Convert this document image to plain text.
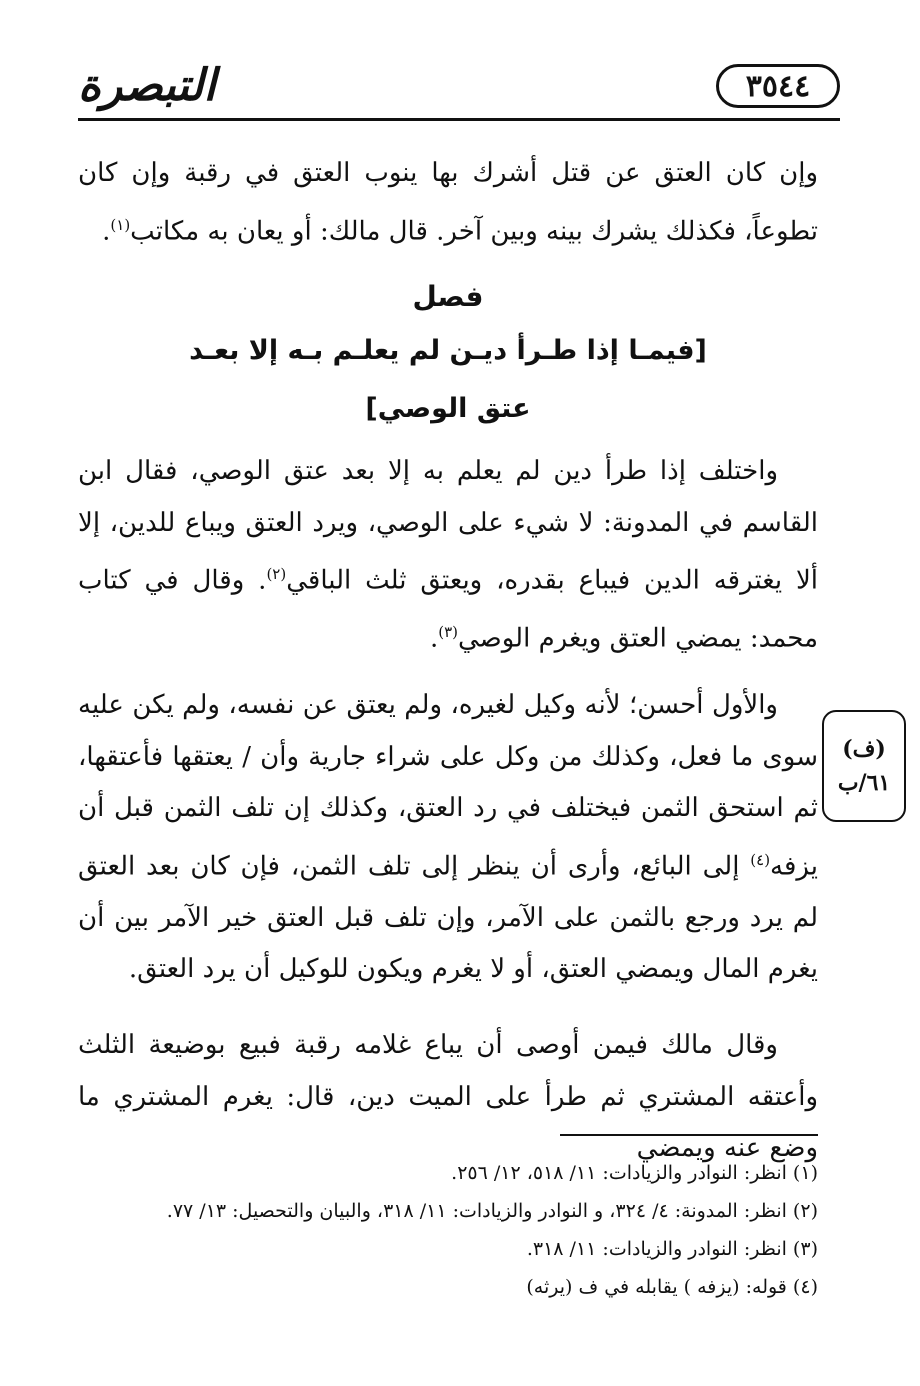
التبصرة	٣٥٤٤
وإن كان العتق عن قتل أشرك بها ينوب العتق في رقبة وإن كان تطوعاً، فكذلك يشرك بينه وبين آخر. قال مالك: أو يعان به مكاتب$^{(١)}$.
فصل
[فيمـا إذا طـرأ ديـن لم يعلـم بـه إلا بعـد
عتق الوصي]
واختلف إذا طرأ دين لم يعلم به إلا بعد عتق الوصي، فقال ابن القاسم في المدونة: لا شيء على الوصي، ويرد العتق ويباع للدين، إلا ألا يغترقه الدين فيباع بقدره، ويعتق ثلث الباقي$^{(٢)}$. وقال في كتاب محمد: يمضي العتق ويغرم الوصي$^{(٣)}$.
والأول أحسن؛ لأنه وكيل لغيره، ولم يعتق عن نفسه، ولم يكن عليه سوى ما فعل، وكذلك من وكل على شراء جارية وأن / يعتقها فأعتقها، ثم استحق الثمن فيختلف في رد العتق، وكذلك إن تلف الثمن قبل أن يزفه$^{(٤)}$ إلى البائع، وأرى أن ينظر إلى تلف الثمن، فإن كان بعد العتق لم يرد ورجع بالثمن على الآمر، وإن تلف قبل العتق خير الآمر بين أن يغرم المال ويمضي العتق، أو لا يغرم ويكون للوكيل أن يرد العتق.
(ف)
٦١/ب
وقال مالك فيمن أوصى أن يباع غلامه رقبة فبيع بوضيعة الثلث وأعتقه المشتري ثم طرأ على الميت دين، قال: يغرم المشتري ما وضع عنه ويمضي
(١) انظر: النوادر والزيادات: ١١/ ٥١٨، ١٢/ ٢٥٦.
(٢) انظر: المدونة: ٤/ ٣٢٤، و النوادر والزيادات: ١١/ ٣١٨، والبيان والتحصيل: ١٣/ ٧٧.
(٣) انظر: النوادر والزيادات: ١١/ ٣١٨.
(٤) قوله: (يزفه ) يقابله في ف (يرثه)
